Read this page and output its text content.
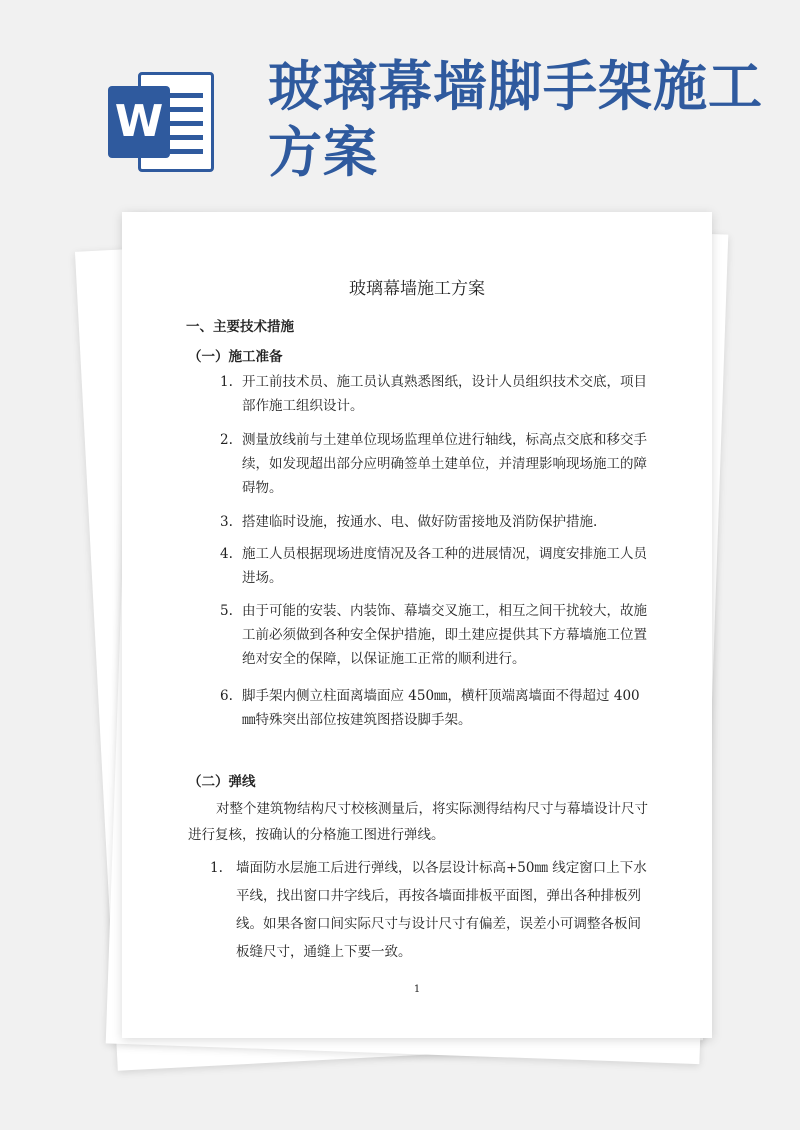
W
玻璃幕墙脚手架施工方案
玻璃幕墙施工方案
一、主要技术措施
（一）施工准备
1. 开工前技术员、施工员认真熟悉图纸，设计人员组织技术交底，项目部作施工组织设计。
2. 测量放线前与土建单位现场监理单位进行轴线，标高点交底和移交手续，如发现超出部分应明确签单土建单位，并清理影响现场施工的障碍物。
3. 搭建临时设施，按通水、电、做好防雷接地及消防保护措施.
4. 施工人员根据现场进度情况及各工种的进展情况，调度安排施工人员进场。
5. 由于可能的安装、内装饰、幕墙交叉施工，相互之间干扰较大，故施工前必须做到各种安全保护措施，即土建应提供其下方幕墙施工位置绝对安全的保障，以保证施工正常的顺利进行。
6. 脚手架内侧立柱面离墙面应 450㎜，横杆顶端离墙面不得超过 400㎜特殊突出部位按建筑图搭设脚手架。
（二）弹线
对整个建筑物结构尺寸校核测量后，将实际测得结构尺寸与幕墙设计尺寸进行复核，按确认的分格施工图进行弹线。
1. 墙面防水层施工后进行弹线，以各层设计标高+50㎜ 线定窗口上下水平线，找出窗口井字线后，再按各墙面排板平面图，弹出各种排板列线。如果各窗口间实际尺寸与设计尺寸有偏差，误差小可调整各板间板缝尺寸，通缝上下要一致。
1
